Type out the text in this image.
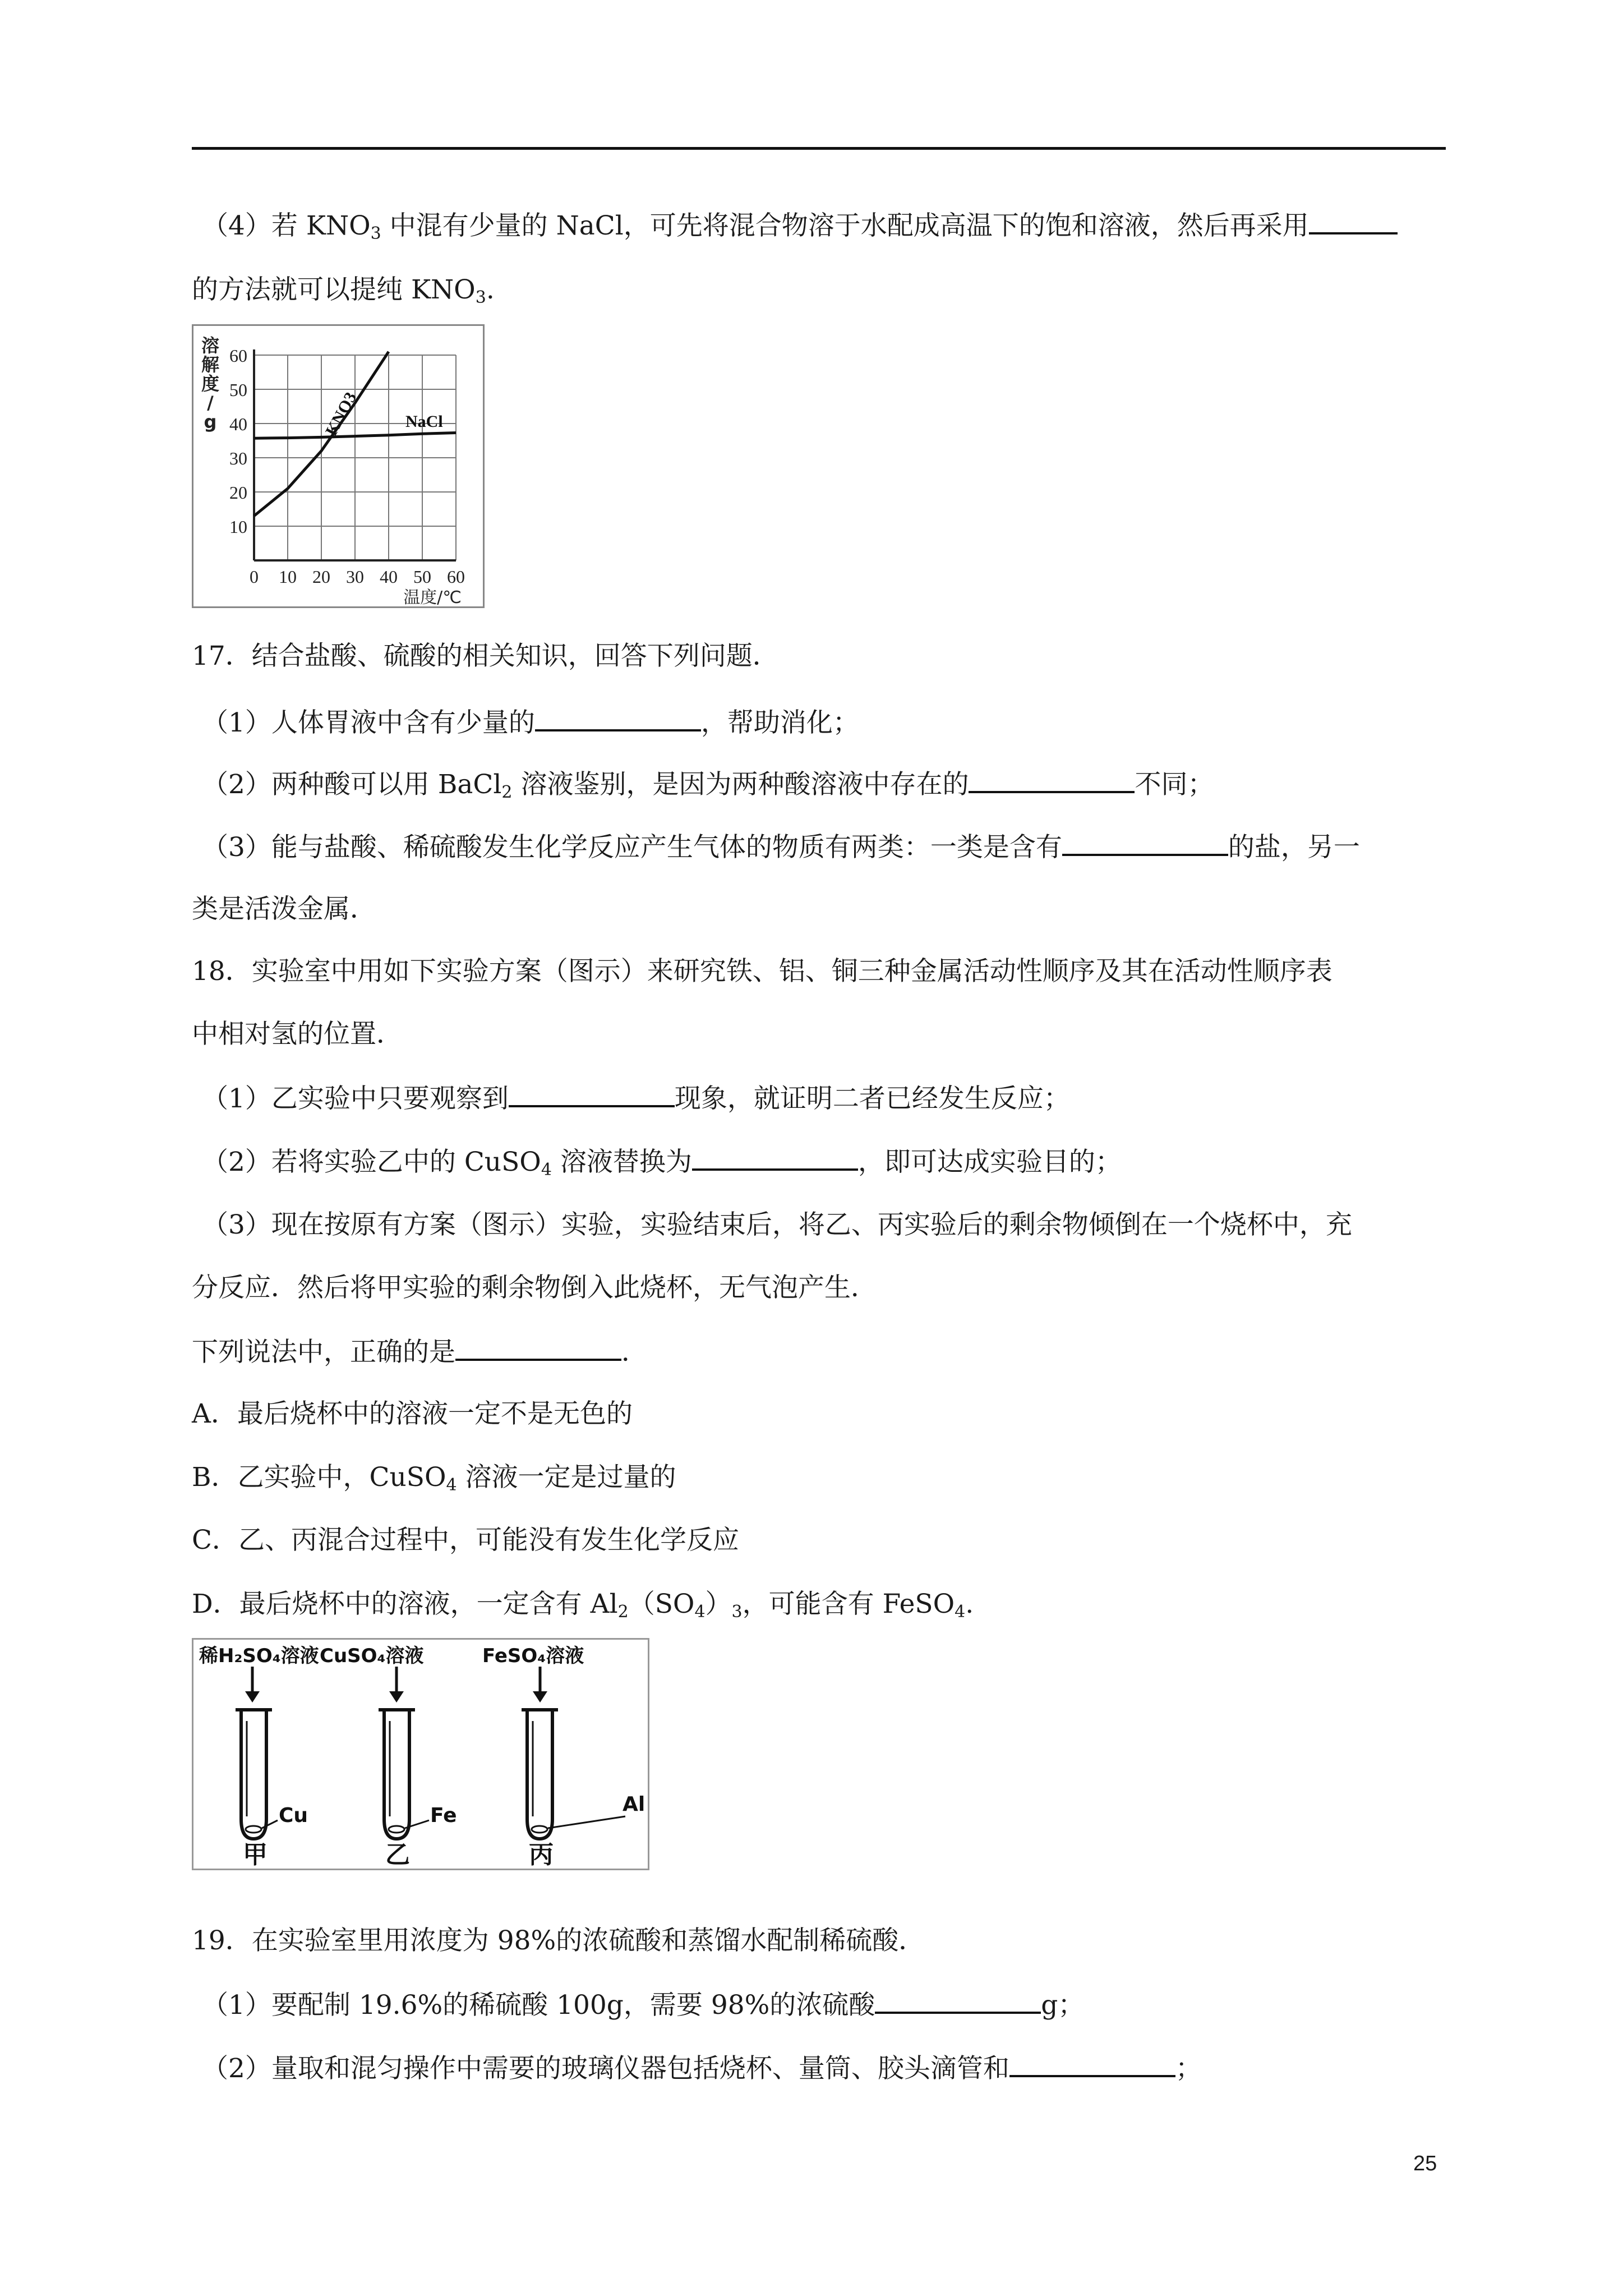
（4）若 $KNO_3$ 中混有少量的 NaCl，可先将混合物溶于水配成高温下的饱和溶液，然后再采用
的方法就可以提纯 $KNO_3$.
60
50
40
30
20
10
0 10 20 30 40 50 60
溶
解
度
/
g
温度/℃
KNO3	NaCl
17．结合盐酸、硫酸的相关知识，回答下列问题．
（1）人体胃液中含有少量的	，帮助消化；
（2）两种酸可以用 BaCl$_2$ 溶液鉴别，是因为两种酸溶液中存在的	不同；
（3）能与盐酸、稀硫酸发生化学反应产生气体的物质有两类：一类是含有	的盐，另一
类是活泼金属．
18．实验室中用如下实验方案（图示）来研究铁、铝、铜三种金属活动性顺序及其在活动性顺序表
中相对氢的位置．
（1）乙实验中只要观察到	现象，就证明二者已经发生反应；
（2）若将实验乙中的 CuSO$_4$ 溶液替换为	，即可达成实验目的；
（3）现在按原有方案（图示）实验，实验结束后，将乙、丙实验后的剩余物倾倒在一个烧杯中，充
分反应．然后将甲实验的剩余物倒入此烧杯，无气泡产生．
下列说法中，正确的是	．
A．最后烧杯中的溶液一定不是无色的
B．乙实验中，CuSO$_4$ 溶液一定是过量的
C．乙、丙混合过程中，可能没有发生化学反应
D．最后烧杯中的溶液，一定含有 $Al_2(SO_4)_3$，可能含有 FeSO$_4$.
稀H₂SO₄溶液
Cu
甲
CuSO₄溶液
Fe
乙
FeSO₄溶液
Al
丙
19．在实验室里用浓度为 98%的浓硫酸和蒸馏水配制稀硫酸．
（1）要配制 19.6%的稀硫酸 100g，需要 98%的浓硫酸	g；
（2）量取和混匀操作中需要的玻璃仪器包括烧杯、量筒、胶头滴管和	；
25
